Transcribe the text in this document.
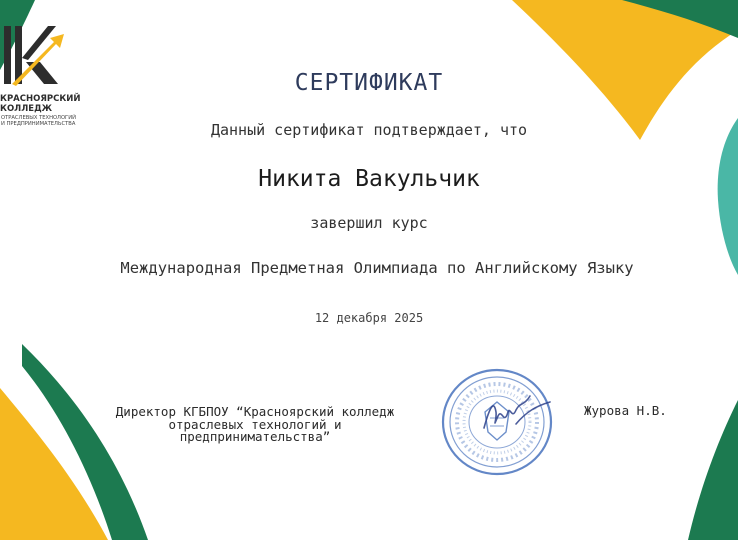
КРАСНОЯРСКИЙ
КОЛЛЕДЖ
ОТРАСЛЕВЫХ ТЕХНОЛОГИЙ
И ПРЕДПРИНИМАТЕЛЬСТВА
СЕРТИФИКАТ
Данный сертификат подтверждает, что
Никита Вакульчик
завершил курс
Международная Предметная Олимпиада по Английскому Языку
12 декабря 2025
Директор КГБПОУ “Красноярский колледж
отраслевых технологий и
предпринимательства”
Журова Н.В.
